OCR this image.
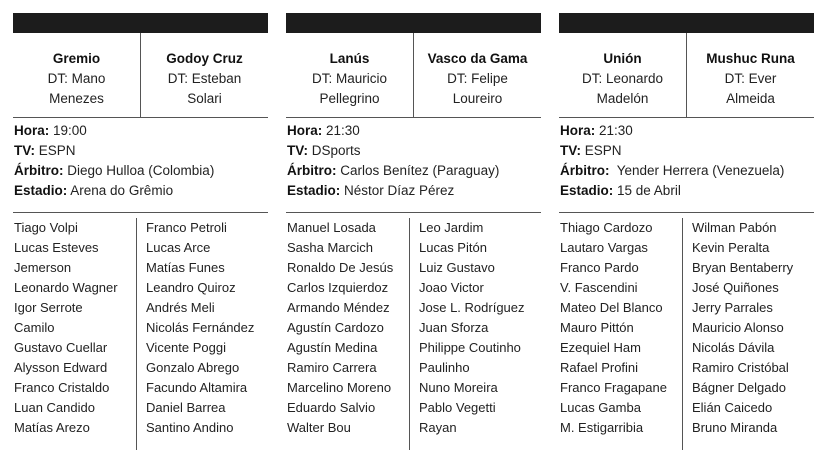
Gremio
DT: Mano
Menezes
Godoy Cruz
DT: Esteban
Solari
Hora: 19:00
TV: ESPN
Árbitro: Diego Hulloa (Colombia)
Estadio: Arena do Grêmio
Tiago Volpi
Lucas Esteves
Jemerson
Leonardo Wagner
Igor Serrote
Camilo
Gustavo Cuellar
Alysson Edward
Franco Cristaldo
Luan Candido
Matías Arezo
Franco Petroli
Lucas Arce
Matías Funes
Leandro Quiroz
Andrés Meli
Nicolás Fernández
Vicente Poggi
Gonzalo Abrego
Facundo Altamira
Daniel Barrea
Santino Andino
Lanús
DT: Mauricio
Pellegrino
Vasco da Gama
DT: Felipe
Loureiro
Hora: 21:30
TV: DSports
Árbitro: Carlos Benítez (Paraguay)
Estadio: Néstor Díaz Pérez
Manuel Losada
Sasha Marcich
Ronaldo De Jesús
Carlos Izquierdoz
Armando Méndez
Agustín Cardozo
Agustín Medina
Ramiro Carrera
Marcelino Moreno
Eduardo Salvio
Walter Bou
Leo Jardim
Lucas Pitón
Luiz Gustavo
Joao Victor
Jose L. Rodríguez
Juan Sforza
Philippe Coutinho
Paulinho
Nuno Moreira
Pablo Vegetti
Rayan
Unión
DT: Leonardo
Madelón
Mushuc Runa
DT: Ever
Almeida
Hora: 21:30
TV: ESPN
Árbitro:  Yender Herrera (Venezuela)
Estadio: 15 de Abril
Thiago Cardozo
Lautaro Vargas
Franco Pardo
V. Fascendini
Mateo Del Blanco
Mauro Pittón
Ezequiel Ham
Rafael Profini
Franco Fragapane
Lucas Gamba
M. Estigarribia
Wilman Pabón
Kevin Peralta
Bryan Bentaberry
José Quiñones
Jerry Parrales
Mauricio Alonso
Nicolás Dávila
Ramiro Cristóbal
Bágner Delgado
Elián Caicedo
Bruno Miranda
